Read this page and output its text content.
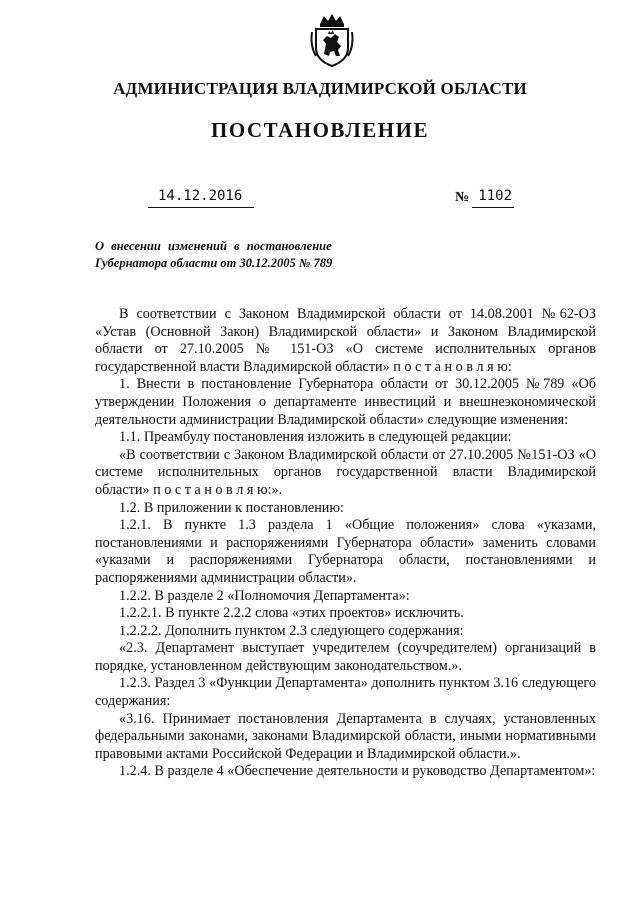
АДМИНИСТРАЦИЯ ВЛАДИМИРСКОЙ ОБЛАСТИ
ПОСТАНОВЛЕНИЕ
14.12.2016	№ 1102
О внесении изменений в постановление
Губернатора области от 30.12.2005 № 789

В соответствии с Законом Владимирской области от 14.08.2001 №62-ОЗ «Устав (Основной Закон) Владимирской области» и Законом Владимирской области от 27.10.2005 № 151-ОЗ «О системе исполнительных органов государственной власти Владимирской области» п о с т а н о в л я ю:

1. Внести в постановление Губернатора области от 30.12.2005 №789 «Об утверждении Положения о департаменте инвестиций и внешнеэкономической деятельности администрации Владимирской области» следующие изменения:

1.1. Преамбулу постановления изложить в следующей редакции:

«В соответствии с Законом Владимирской области от 27.10.2005 №151-ОЗ «О системе исполнительных органов государственной власти Владимирской области» п о с т а н о в л я ю:».

1.2. В приложении к постановлению:

1.2.1. В пункте 1.3 раздела 1 «Общие положения» слова «указами, постановлениями и распоряжениями Губернатора области» заменить словами «указами и распоряжениями Губернатора области, постановлениями и распоряжениями администрации области».

1.2.2. В разделе 2 «Полномочия Департамента»:

1.2.2.1. В пункте 2.2.2 слова «этих проектов» исключить.

1.2.2.2. Дополнить пунктом 2.3 следующего содержания:

«2.3. Департамент выступает учредителем (соучредителем) организаций в порядке, установленном действующим законодательством.».

1.2.3. Раздел 3 «Функции Департамента» дополнить пунктом 3.16 следующего содержания:

«3.16. Принимает постановления Департамента в случаях, установленных федеральными законами, законами Владимирской области, иными нормативными правовыми актами Российской Федерации и Владимирской области.».

1.2.4. В разделе 4 «Обеспечение деятельности и руководство Департаментом»:
